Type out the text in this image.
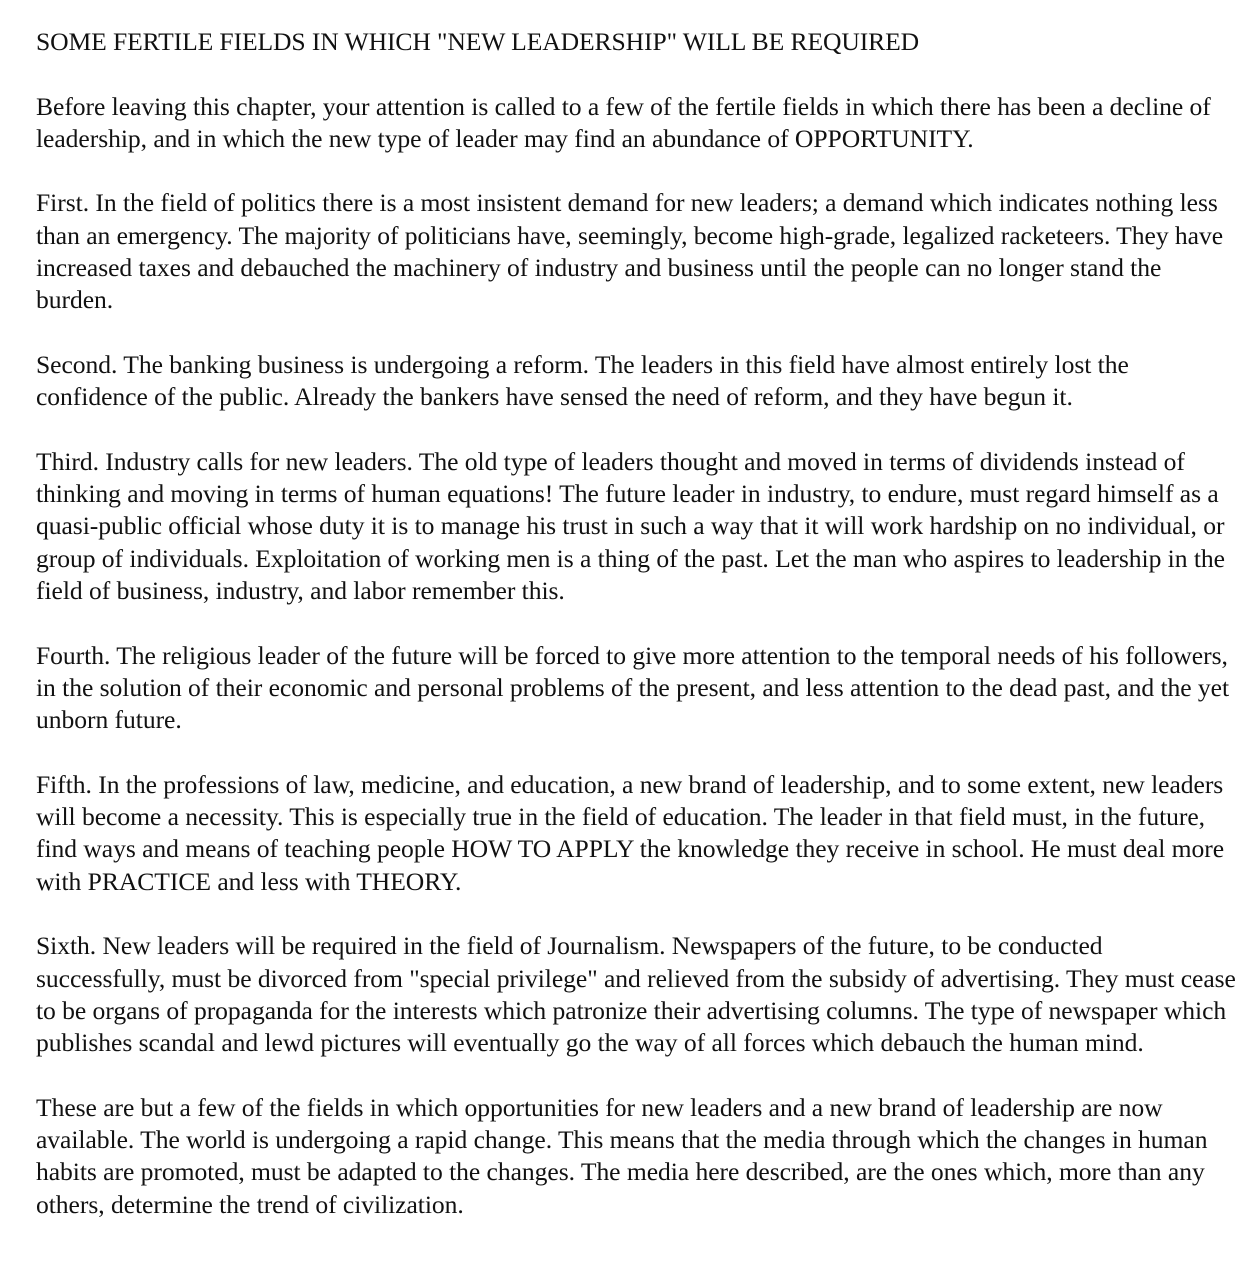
SOME FERTILE FIELDS IN WHICH "NEW LEADERSHIP" WILL BE REQUIRED

Before leaving this chapter, your attention is called to a few of the fertile fields in which there has been a decline of leadership, and in which the new type of leader may find an abundance of OPPORTUNITY.

First. In the field of politics there is a most insistent demand for new leaders; a demand which indicates nothing less than an emergency. The majority of politicians have, seemingly, become high-grade, legalized racketeers. They have increased taxes and debauched the machinery of industry and business until the people can no longer stand the burden.

Second. The banking business is undergoing a reform. The leaders in this field have almost entirely lost the confidence of the public. Already the bankers have sensed the need of reform, and they have begun it.

Third. Industry calls for new leaders. The old type of leaders thought and moved in terms of dividends instead of thinking and moving in terms of human equations! The future leader in industry, to endure, must regard himself as a quasi-public official whose duty it is to manage his trust in such a way that it will work hardship on no individual, or group of individuals. Exploitation of working men is a thing of the past. Let the man who aspires to leadership in the field of business, industry, and labor remember this.

Fourth. The religious leader of the future will be forced to give more attention to the temporal needs of his followers, in the solution of their economic and personal problems of the present, and less attention to the dead past, and the yet unborn future.

Fifth. In the professions of law, medicine, and education, a new brand of leadership, and to some extent, new leaders will become a necessity. This is especially true in the field of education. The leader in that field must, in the future, find ways and means of teaching people HOW TO APPLY the knowledge they receive in school. He must deal more with PRACTICE and less with THEORY.

Sixth. New leaders will be required in the field of Journalism. Newspapers of the future, to be conducted successfully, must be divorced from "special privilege" and relieved from the subsidy of advertising. They must cease to be organs of propaganda for the interests which patronize their advertising columns. The type of newspaper which publishes scandal and lewd pictures will eventually go the way of all forces which debauch the human mind.

These are but a few of the fields in which opportunities for new leaders and a new brand of leadership are now available. The world is undergoing a rapid change. This means that the media through which the changes in human habits are promoted, must be adapted to the changes. The media here described, are the ones which, more than any others, determine the trend of civilization.
